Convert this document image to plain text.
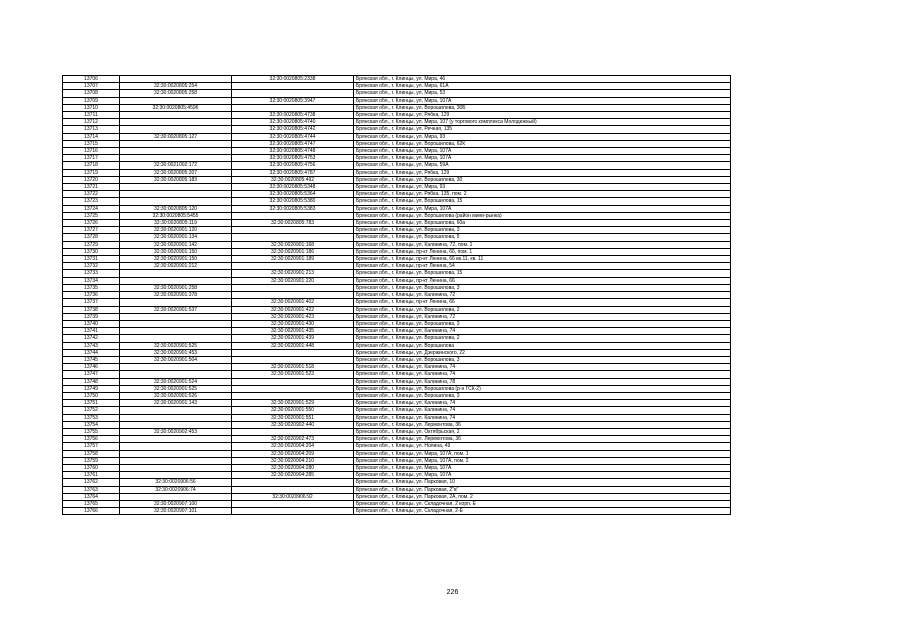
13706		32:30:0020805:2338	Брянская обл., г. Клинцы, ул. Мира, 46
13707	32:30:0020805:254		Брянская обл., г. Клинцы, ул. Мира, 61А
13708	32:30:0020805:258		Брянская обл., г. Клинцы, ул. Мира, 53
13709		32:30:0020805:3947	Брянская обл., г. Клинцы, ул. Мира, 107А
13710	32:30:0020805:4596		Брянская обл., г. Клинцы, ул. Ворошилова, 30Б
13711		32:30:0020805:4738	Брянская обл., г. Клинцы, ул. Рябка, 129
13712		32:30:0020805:4740	Брянская обл., г. Клинцы, ул. Мира, 107 (у торгового комплекса Молодежный)
13713		32:30:0020805:4742	Брянская обл., г. Клинцы, ул. Речная, 135
13714	32:30:0020805:127	32:30:0020805:4744	Брянская обл., г. Клинцы, ул. Мира, 93
13715		32:30:0020805:4747	Брянская обл., г. Клинцы, ул. Ворошилова, 62К
13716		32:30:0020805:4748	Брянская обл., г. Клинцы, ул. Мира, 107А
13717		32:30:0020805:4753	Брянская обл., г. Клинцы, ул. Мира, 107А
13718	32:30:0021002:172	32:30:0020805:4756	Брянская обл., г. Клинцы, ул. Мира, 59А
13719	32:30:0020805:207	32:30:0020805:4787	Брянская обл., г. Клинцы, ул. Рябка, 129
13720	32:30:0020805:183	32:30:0020805:492	Брянская обл., г. Клинцы, ул. Ворошилова, 30
13721		32:30:0020805:5348	Брянская обл., г. Клинцы, ул. Мира, 93
13722		32:30:0020805:5364	Брянская обл., г. Клинцы, ул. Рябка, 135, пом. 2
13723		32:30:0020805:5380	Брянская обл., г. Клинцы, ул. Ворошилова, 15
13724	32:30:0020805:120	32:30:0020805:5383	Брянская обл., г. Клинцы, ул. Мира, 107А
13725	32:30:0020805:5455		Брянская обл., г. Клинцы, ул. Ворошилова (район мини-рынка)
13726	32:30:0020805:119	32:30:0020805:783	Брянская обл., г. Клинцы, ул. Ворошилова, 60а
13727	32:30:0020901:120		Брянская обл., г. Клинцы, ул. Ворошилова, 3
13728	32:30:0020901:134		Брянская обл., г. Клинцы, ул. Ворошилова, 5
13729	32:30:0020901:142	32:30:0020901:168	Брянская обл., г. Клинцы, ул. Калинина, 72, пом. 1
13730	32:30:0020901:150	32:30:0020901:186	Брянская обл., г. Клинцы, пр-кт Ленина, 66, пом. 1
13731	32:30:0020901:150	32:30:0020901:189	Брянская обл., г. Клинцы, пр-кт Ленина, 66 кв.11, кв. 11
13732	32:30:0020901:212		Брянская обл., г. Клинцы, пр-кт Ленина, 54
13733		32:30:0020901:213	Брянская обл., г. Клинцы, ул. Ворошилова, 15
13734		32:30:0020901:220	Брянская обл., г. Клинцы, пр-кт Ленина, 66
13735	32:30:0020901:258		Брянская обл., г. Клинцы, ул. Ворошилова, 3
13736	32:30:0020901:378		Брянская обл., г. Клинцы, ул. Калинина, 72
13737		32:30:0020901:402	Брянская обл., г. Клинцы, пр-кт Ленина, 66
13738	32:30:0020901:537	32:30:0020901:422	Брянская обл., г. Клинцы, ул. Ворошилова, 2
13739		32:30:0020901:423	Брянская обл., г. Клинцы, ул. Калинина, 72
13740		32:30:0020901:430	Брянская обл., г. Клинцы, ул. Ворошилова, 3
13741		32:30:0020901:435	Брянская обл., г. Клинцы, ул. Калинина, 74
13742		32:30:0020901:439	Брянская обл., г. Клинцы, ул. Ворошилова, 2
13743	32:30:0020901:525	32:30:0020901:448	Брянская обл., г. Клинцы, ул. Ворошилова
13744	32:30:0020901:453		Брянская обл., г. Клинцы, ул. Дзержинского, 22
13745	32:30:0020901:504		Брянская обл., г. Клинцы, ул. Ворошилова, 3
13746		32:30:0020901:518	Брянская обл., г. Клинцы, ул. Калинина, 74
13747		32:30:0020901:523	Брянская обл., г. Клинцы, ул. Калинина, 74
13748	32:30:0020901:524		Брянская обл., г. Клинцы, ул. Калинина, 78
13749	32:30:0020901:525		Брянская обл., г. Клинцы, ул. Ворошилова (р-н ГСК-2)
13750	32:30:0020901:526		Брянская обл., г. Клинцы, ул. Ворошилова, 3
13751	32:30:0020901:143	32:30:0020901:529	Брянская обл., г. Клинцы, ул. Калинина, 74
13752		32:30:0020901:550	Брянская обл., г. Клинцы, ул. Калинина, 74
13753		32:30:0020901:551	Брянская обл., г. Клинцы, ул. Калинина, 74
13754		32:30:0020902:440	Брянская обл., г. Клинцы, ул. Лермонтова, 36
13755	32:30:0020902:453		Брянская обл., г. Клинцы, ул. Октябрьская, 2
13756		32:30:0020902:473	Брянская обл., г. Клинцы, ул. Лермонтова, 36
13757		32:30:0020904:204	Брянская обл., г. Клинцы, ул. Нолина, 49
13758		32:30:0020904:209	Брянская обл., г. Клинцы, ул. Мира, 107А, пом. 1
13759		32:30:0020904:210	Брянская обл., г. Клинцы, ул. Мира, 107А, пом. 2
13760		32:30:0020904:280	Брянская обл., г. Клинцы, ул. Мира, 107А
13761		32:30:0020904:285	Брянская обл., г. Клинцы, ул. Мира, 107А
13762	32:30:0020906:56		Брянская обл., г. Клинцы, ул. Парковая, 10
13763	32:30:0020906:74		Брянская обл., г. Клинцы, ул. Парковая, 2"в"
13764		32:30:0020906:92	Брянская обл., г. Клинцы, ул. Парковая, 2А, пом. 2
13765	32:30:0020907:100		Брянская обл., г. Клинцы, ул. Складочная, 2 корп. Е
13766	32:30:0020907:101		Брянская обл., г. Клинцы, ул. Складочная, 2-Е
226
